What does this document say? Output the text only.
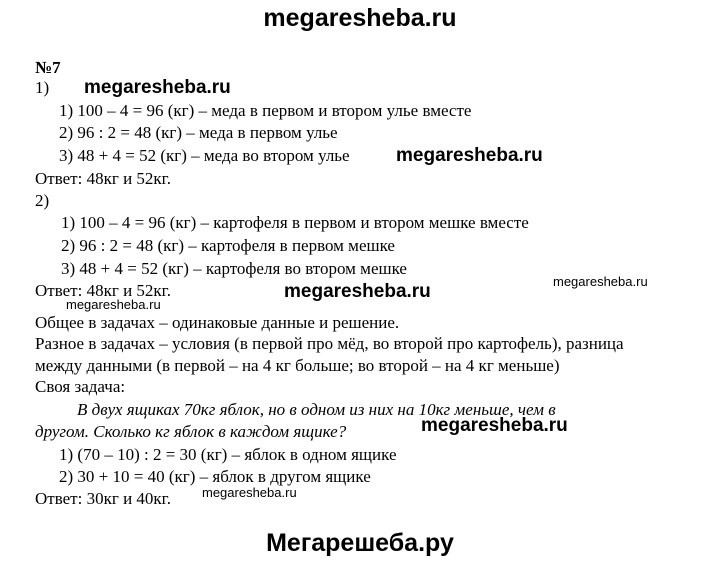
megaresheba.ru
№7
1)
1) 100 – 4 = 96 (кг) – меда в первом и втором улье вместе
2) 96 : 2 = 48 (кг) – меда в первом улье
3) 48 + 4 = 52 (кг) – меда во втором улье
Ответ: 48кг и 52кг.
2)
1) 100 – 4 = 96 (кг) – картофеля в первом и втором мешке вместе
2) 96 : 2 = 48 (кг) – картофеля в первом мешке
3) 48 + 4 = 52 (кг) – картофеля во втором мешке
Ответ: 48кг и 52кг.
Общее в задачах – одинаковые данные и решение.
Разное в задачах – условия (в первой про мёд, во второй про картофель), разница
между данными (в первой – на 4 кг больше; во второй – на 4 кг меньше)
Своя задача:
В двух ящиках 70кг яблок, но в одном из них на 10кг меньше, чем в
другом. Сколько кг яблок в каждом ящике?
1) (70 – 10) : 2 = 30 (кг) – яблок в одном ящике
2) 30 + 10 = 40 (кг) – яблок в другом ящике
Ответ: 30кг и 40кг.
megaresheba.ru
megaresheba.ru
megaresheba.ru	megaresheba.ru
megaresheba.ru
megaresheba.ru
megaresheba.ru
Мегарешеба.ру
